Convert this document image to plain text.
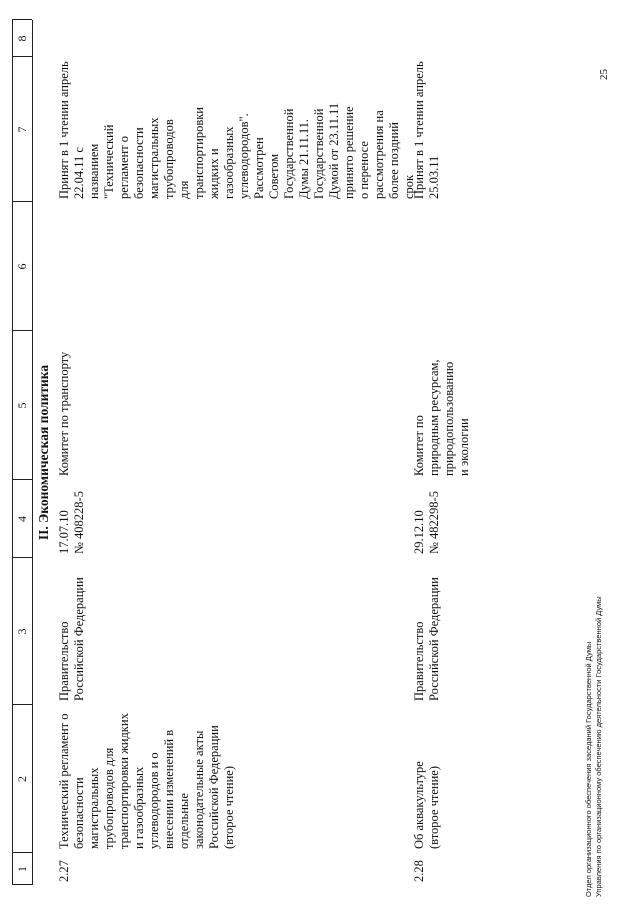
1
2
3
4
5
6
7
8
II. Экономическая политика
2.27
Технический регламент о
безопасности
магистральных
трубопроводов для
транспортировки жидких
и газообразных
углеводородов и о
внесении изменений в
отдельные
законодательные акты
Российской Федерации
(второе чтение)
Правительство
Российской Федерации
17.07.10
№ 408228-5
Комитет по транспорту
Принят в 1 чтении апрель
22.04.11 с
названием
"Технический
регламент о
безопасности
магистральных
трубопроводов
для
транспортировки
жидких и
газообразных
углеводородов".
Рассмотрен
Советом
Государственной
Думы 21.11.11.
Государственной
Думой от 23.11.11
принято решение
о переносе
рассмотрения на
более поздний
срок
2.28
Об аквакультуре
(второе чтение)
Правительство
Российской Федерации
29.12.10
№ 482298-5
Комитет по
природным ресурсам,
природопользованию
и экологии
Принят в 1 чтении апрель
25.03.11
Отдел организационного обеспечения заседаний Государственной Думы Управления по организационному обеспечению деятельности Государственной Думы
25
